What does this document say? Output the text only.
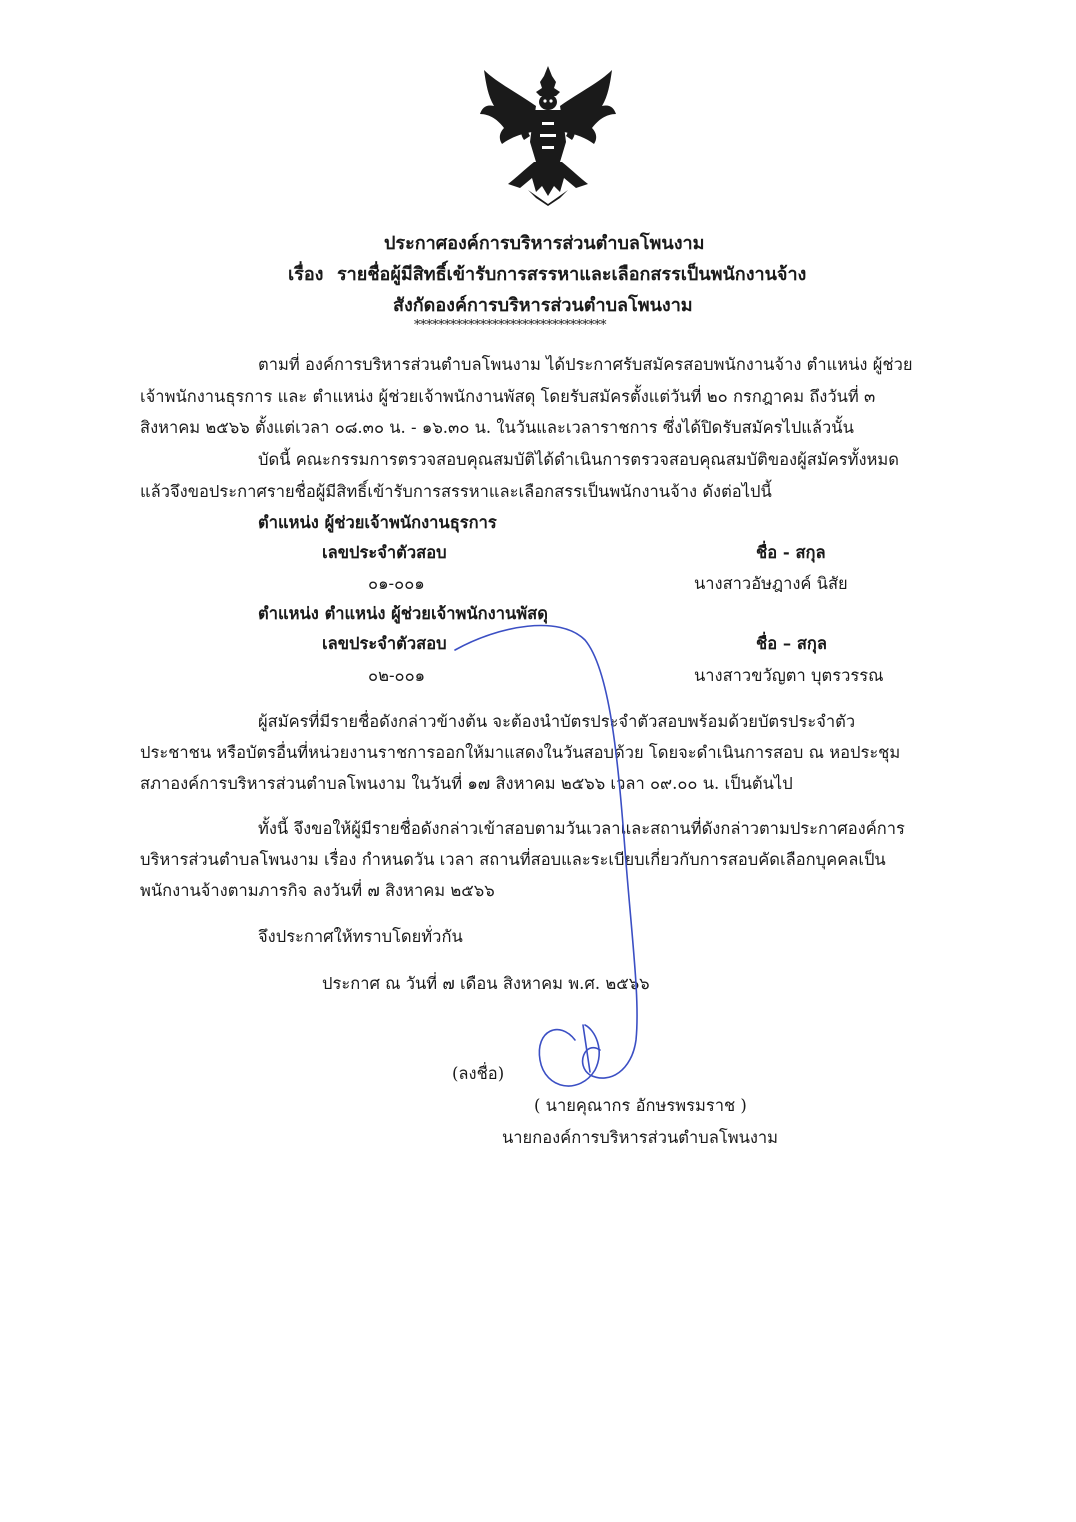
ประกาศองค์การบริหารส่วนตำบลโพนงาม
เรื่อง รายชื่อผู้มีสิทธิ์เข้ารับการสรรหาและเลือกสรรเป็นพนักงานจ้าง
สังกัดองค์การบริหารส่วนตำบลโพนงาม
********************************
ตามที่ องค์การบริหารส่วนตำบลโพนงาม ได้ประกาศรับสมัครสอบพนักงานจ้าง ตำแหน่ง ผู้ช่วย
เจ้าพนักงานธุรการ และ ตำแหน่ง ผู้ช่วยเจ้าพนักงานพัสดุ โดยรับสมัครตั้งแต่วันที่ ๒๐ กรกฎาคม ถึงวันที่ ๓
สิงหาคม ๒๕๖๖ ตั้งแต่เวลา ๐๘.๓๐ น. - ๑๖.๓๐ น. ในวันและเวลาราชการ ซึ่งได้ปิดรับสมัครไปแล้วนั้น
บัดนี้ คณะกรรมการตรวจสอบคุณสมบัติได้ดำเนินการตรวจสอบคุณสมบัติของผู้สมัครทั้งหมด
แล้วจึงขอประกาศรายชื่อผู้มีสิทธิ์เข้ารับการสรรหาและเลือกสรรเป็นพนักงานจ้าง ดังต่อไปนี้
ตำแหน่ง ผู้ช่วยเจ้าพนักงานธุรการ
เลขประจำตัวสอบ	ชื่อ - สกุล
๐๑-๐๐๑	นางสาวอัษฎางค์ นิสัย
ตำแหน่ง ตำแหน่ง ผู้ช่วยเจ้าพนักงานพัสดุ
เลขประจำตัวสอบ	ชื่อ – สกุล
๐๒-๐๐๑	นางสาวขวัญตา บุตรวรรณ
ผู้สมัครที่มีรายชื่อดังกล่าวข้างต้น จะต้องนำบัตรประจำตัวสอบพร้อมด้วยบัตรประจำตัว
ประชาชน หรือบัตรอื่นที่หน่วยงานราชการออกให้มาแสดงในวันสอบด้วย โดยจะดำเนินการสอบ ณ หอประชุม
สภาองค์การบริหารส่วนตำบลโพนงาม ในวันที่ ๑๗ สิงหาคม ๒๕๖๖ เวลา ๐๙.๐๐ น. เป็นต้นไป
ทั้งนี้ จึงขอให้ผู้มีรายชื่อดังกล่าวเข้าสอบตามวันเวลาและสถานที่ดังกล่าวตามประกาศองค์การ
บริหารส่วนตำบลโพนงาม เรื่อง กำหนดวัน เวลา สถานที่สอบและระเบียบเกี่ยวกับการสอบคัดเลือกบุคคลเป็น
พนักงานจ้างตามภารกิจ ลงวันที่ ๗ สิงหาคม ๒๕๖๖
จึงประกาศให้ทราบโดยทั่วกัน
ประกาศ ณ วันที่ ๗ เดือน สิงหาคม พ.ศ. ๒๕๖๖
(ลงชื่อ)
( นายคุณากร อักษรพรมราช )
นายกองค์การบริหารส่วนตำบลโพนงาม
